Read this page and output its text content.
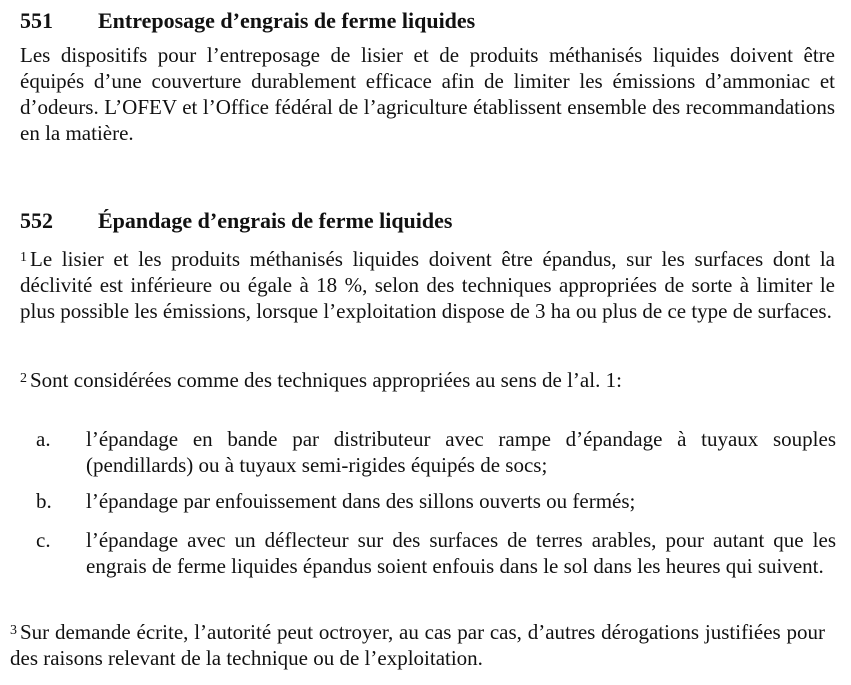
551 Entreposage d’engrais de ferme liquides

Les dispositifs pour l’entreposage de lisier et de produits méthanisés liquides doivent être équipés d’une couverture durablement efficace afin de limiter les émissions d’ammoniac et d’odeurs. L’OFEV et l’Office fédéral de l’agriculture établissent ensemble des recommandations en la matière.

552 Épandage d’engrais de ferme liquides

$^1$ Le lisier et les produits méthanisés liquides doivent être épandus, sur les surfaces dont la déclivité est inférieure ou égale à 18 %, selon des techniques appropriées de sorte à limiter le plus possible les émissions, lorsque l’exploitation dispose de 3 ha ou plus de ce type de surfaces.

$^2$ Sont considérées comme des techniques appropriées au sens de l’al. 1:

a.	l’épandage en bande par distributeur avec rampe d’épandage à tuyaux souples (pendillards) ou à tuyaux semi-rigides équipés de socs;
b.	l’épandage par enfouissement dans des sillons ouverts ou fermés;
c.	l’épandage avec un déflecteur sur des surfaces de terres arables, pour autant que les engrais de ferme liquides épandus soient enfouis dans le sol dans les heures qui suivent.

$^3$ Sur demande écrite, l’autorité peut octroyer, au cas par cas, d’autres dérogations justifiées pour des raisons relevant de la technique ou de l’exploitation.
